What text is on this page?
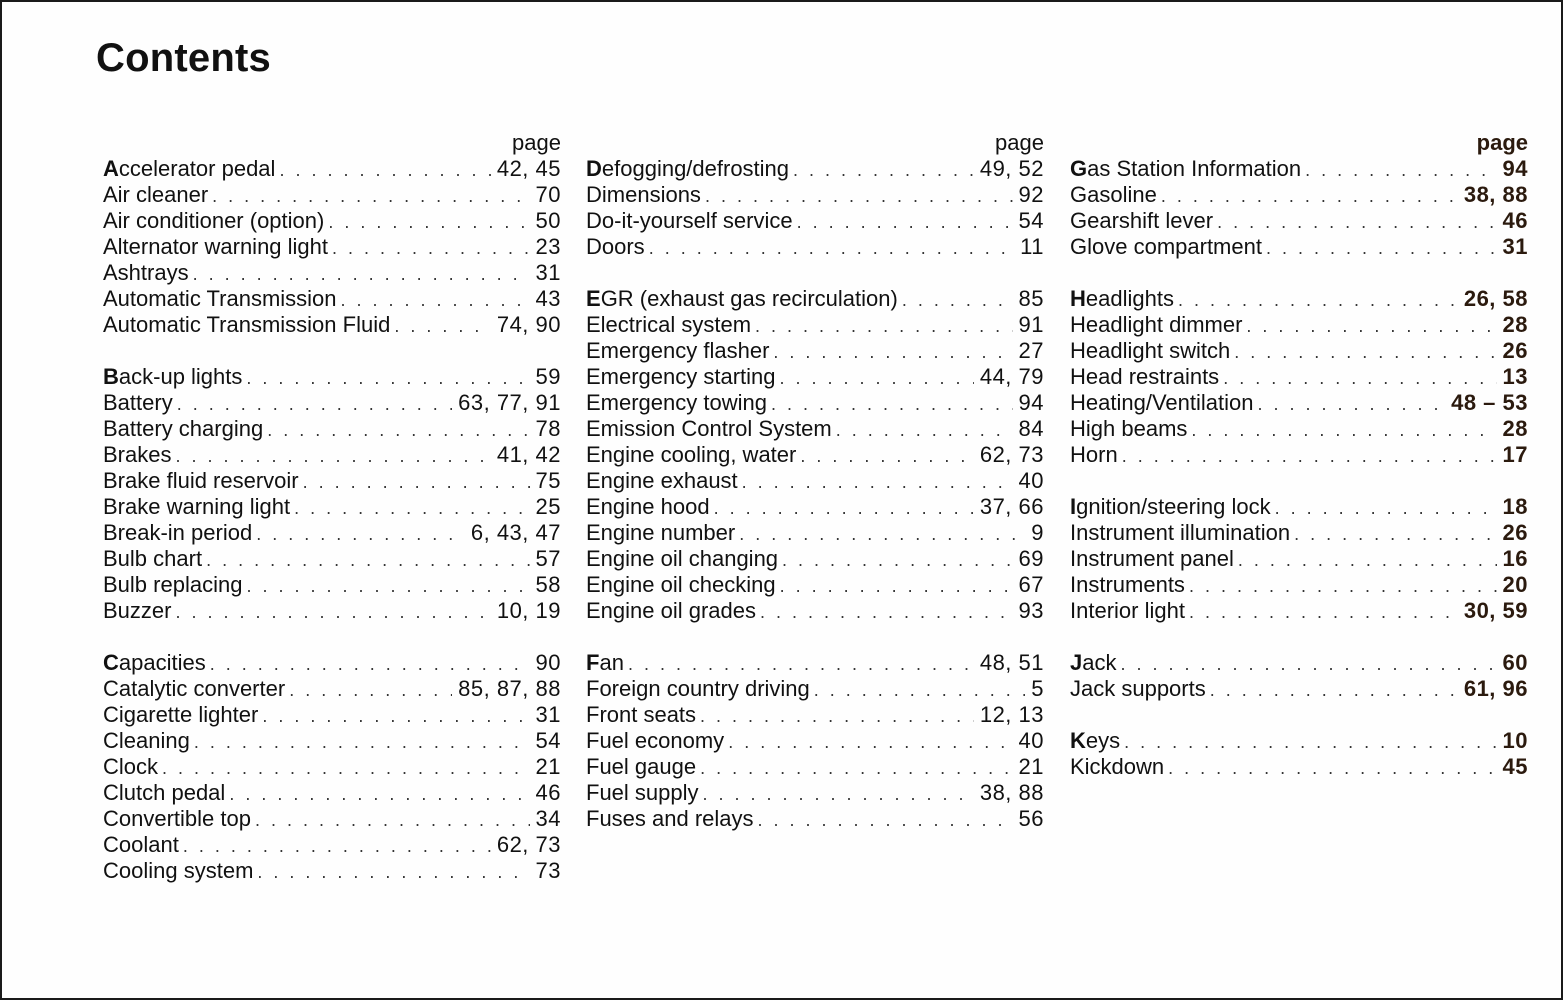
Contents
page
Accelerator pedal . . .	42, 45
Air cleaner . . .	70
Air conditioner (option) . . .	50
Alternator warning light . . .	23
Ashtrays . . .	31
Automatic Transmission . . .	43
Automatic Transmission Fluid . . .	74, 90
Back-up lights . . .	59
Battery . . .	63, 77, 91
Battery charging . . .	78
Brakes . . .	41, 42
Brake fluid reservoir . . .	75
Brake warning light . . .	25
Break-in period . . .	6, 43, 47
Bulb chart . . .	57
Bulb replacing . . .	58
Buzzer . . .	10, 19
Capacities . . .	90
Catalytic converter . . .	85, 87, 88
Cigarette lighter . . .	31
Cleaning . . .	54
Clock . . .	21
Clutch pedal . . .	46
Convertible top . . .	34
Coolant . . .	62, 73
Cooling system . . .	73
page
Defogging/defrosting . . .	49, 52
Dimensions . . .	92
Do-it-yourself service . . .	54
Doors . . .	11
EGR (exhaust gas recirculation) . . .	85
Electrical system . . .	91
Emergency flasher . . .	27
Emergency starting . . .	44, 79
Emergency towing . . .	94
Emission Control System . . .	84
Engine cooling, water . . .	62, 73
Engine exhaust . . .	40
Engine hood . . .	37, 66
Engine number . . .	9
Engine oil changing . . .	69
Engine oil checking . . .	67
Engine oil grades . . .	93
Fan . . .	48, 51
Foreign country driving . . .	5
Front seats . . .	12, 13
Fuel economy . . .	40
Fuel gauge . . .	21
Fuel supply . . .	38, 88
Fuses and relays . . .	56
page
Gas Station Information . . .	94
Gasoline . . .	38, 88
Gearshift lever . . .	46
Glove compartment . . .	31
Headlights . . .	26, 58
Headlight dimmer . . .	28
Headlight switch . . .	26
Head restraints . . .	13
Heating/Ventilation . . .	48 – 53
High beams . . .	28
Horn . . .	17
Ignition/steering lock . . .	18
Instrument illumination . . .	26
Instrument panel . . .	16
Instruments . . .	20
Interior light . . .	30, 59
Jack . . .	60
Jack supports . . .	61, 96
Keys . . .	10
Kickdown . . .	45
